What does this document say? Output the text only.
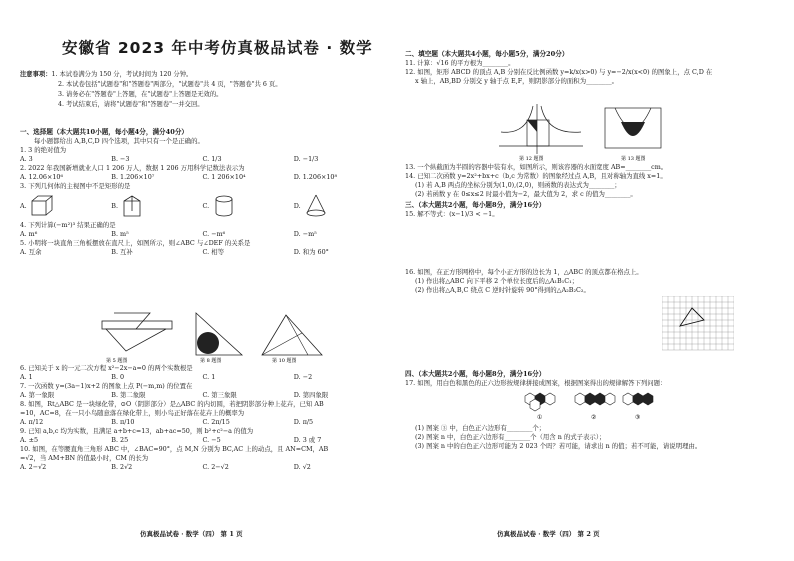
安徽省 2023 年中考仿真极品试卷 · 数学
注意事项：1. 本试卷满分为 150 分，考试时间为 120 分钟。
2. 本试卷包括"试题卷"和"答题卷"两部分，"试题卷"共 4 页，"答题卷"共 6 页。
3. 请务必在"答题卷"上答题，在"试题卷"上答题是无效的。
4. 考试结束后，请将"试题卷"和"答题卷"一并交回。
一、选择题（本大题共10小题，每小题4分，满分40分）
每小题都给出 A,B,C,D 四个选项，其中只有一个是正确的。
1. 3 的绝对值为
A. 3	B. −3	C. 1/3	D. −1/3
2. 2022 年我国新增就业人口 1 206 万人，数据 1 206 万用科学记数法表示为
A. 12.06×10⁶	B. 1.206×10⁷	C. 1 206×10⁴	D. 1.206×10⁸
3. 下列几何体的主视图中不是矩形的是
A.	B.	C.	D.
4. 下列计算(−m²)³ 结果正确的是
A. m⁶	B. m⁵	C. −m⁶	D. −m⁵
5. 小明将一块直角三角板摆放在直尺上，如图所示，则∠ABC 与∠DEF 的关系是
A. 互余	B. 互补	C. 相等	D. 和为 60°
第 5 题图	第 8 题图	第 10 题图
6. 已知关于 x 的一元二次方程 x²−2x−a=0 的两个实数根是
A. 1	B. 0	C. 1	D. −2
7. 一次函数 y=(3a−1)x+2 的图象上点 P(−m,m) 的位置在
A. 第一象限	B. 第二象限	C. 第三象限	D. 第四象限
8. 如图，Rt△ABC 是一块绿化带，⊙O（阴影部分）是△ABC 的内切圆，若把阴影部分种上花卉，已知 AB
=10，AC=8，在一只小鸟随意落在绿化带上，则小鸟正好落在花卉上的概率为
A. π/12	B. π/10	C. 2π/15	D. π/5
9. 已知 a,b,c 均为实数，且满足 a+b+c=13，ab+ac=50，则 b²+c²−a 的值为
A. ±5	B. 25	C. −5	D. 3 或 7
10. 如图，在等腰直角三角形 ABC 中，∠BAC=90°，点 M,N 分别为 BC,AC 上的动点，且 AN=CM，AB
=√2，当 AM+BN 的值最小时，CM 的长为
A. 2−√2	B. 2√2	C. 2−√2	D. √2
仿真极品试卷 · 数学（四） 第 1 页
二、填空题（本大题共4小题，每小题5分，满分20分）
11. 计算：√16 的平方根为________。
12. 如图，矩形 ABCD 的顶点 A,B 分别在反比例函数 y=k/x(x>0) 与 y=−2/x(x<0) 的图象上，点 C,D 在
x 轴上，AB,BD 分别交 y 轴于点 E,F，则阴影部分的面积为________。
第 12 题图	第 13 题图
13. 一个纵截面为半圆的容器中装有水，如图所示，则该容器的水面宽度 AB=________cm。
14. 已知二次函数 y=2x²+bx+c（b,c 为常数）的图象经过点 A,B，且对称轴为直线 x=1。
(1) 若 A,B 两点的坐标分别为(1,0),(2,0)，则函数的表达式为________；
(2) 若函数 y 在 0≤x≤2 时最小值为−2，最大值为 2，求 c 的值为________。
三、（本大题共2小题，每小题8分，满分16分）
15. 解不等式：(x−1)/3 < −1。
16. 如图，在正方形网格中，每个小正方形的边长为 1，△ABC 的顶点都在格点上。
(1) 作出将△ABC 向下平移 2 个单位长度后的△A₁B₁C₁；
(2) 作出将△A,B,C 绕点 C 逆时针旋转 90°得到的△A₂B₂C₂。
四、（本大题共2小题，每小题8分，满分16分）
17. 如图，用白色和黑色的正六边形按规律拼接成图案，根据图案得出的规律解答下列问题：
①	②	③
(1) 图案 ③ 中，白色正六边形有________个；
(2) 图案 n 中，白色正六边形有________个（用含 n 的式子表示）；
(3) 图案 n 中的白色正六边形可能为 2 023 个吗？若可能，请求出 n 的值；若不可能，请说明理由。
仿真极品试卷 · 数学（四） 第 2 页
